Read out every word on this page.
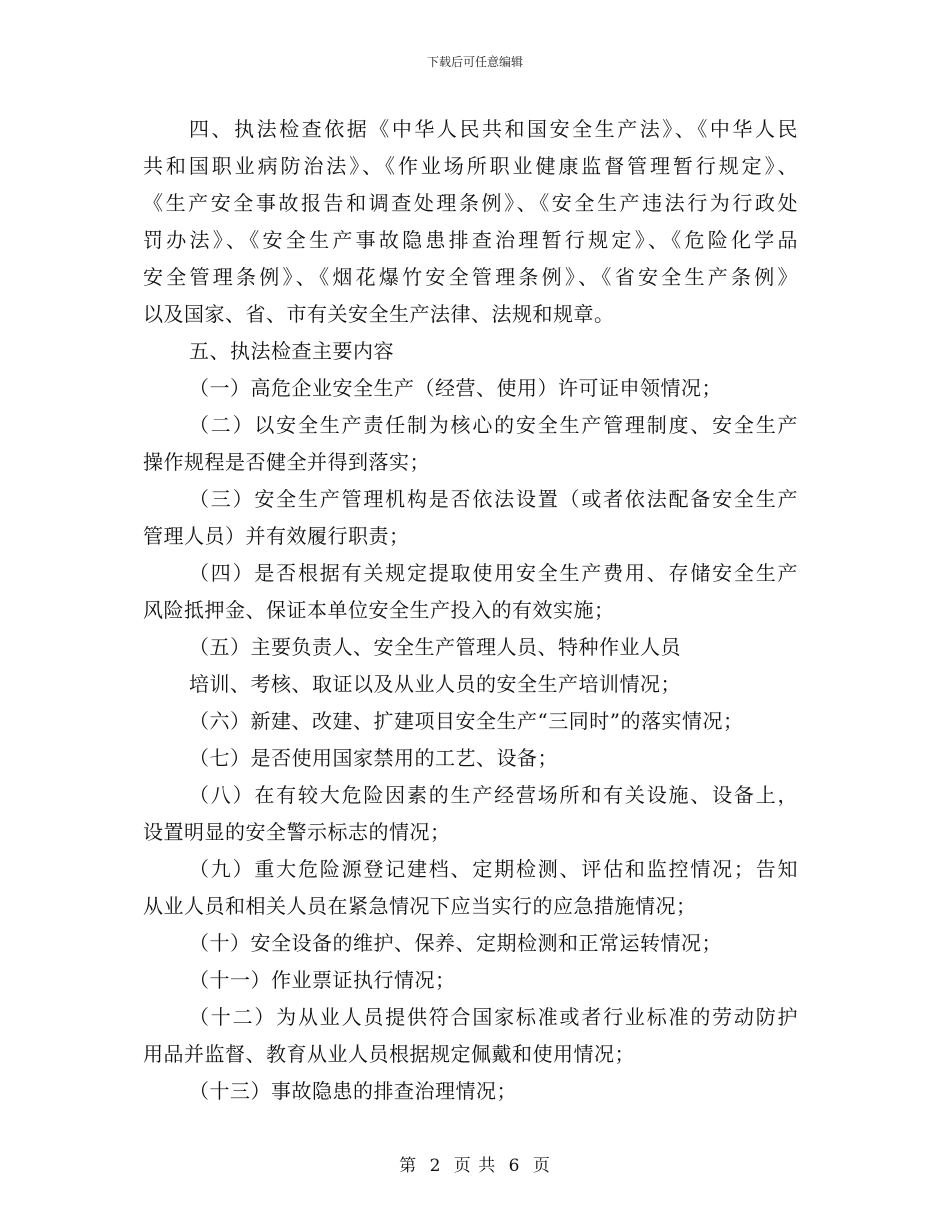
下载后可任意编辑
四、执法检查依据《中华人民共和国安全生产法》、《中华人民
共和国职业病防治法》、《作业场所职业健康监督管理暂行规定》、
《生产安全事故报告和调查处理条例》、《安全生产违法行为行政处
罚办法》、《安全生产事故隐患排查治理暂行规定》、《危险化学品
安全管理条例》、《烟花爆竹安全管理条例》、《省安全生产条例》
以及国家、省、市有关安全生产法律、法规和规章。
五、执法检查主要内容
（一）高危企业安全生产（经营、使用）许可证申领情况；
（二）以安全生产责任制为核心的安全生产管理制度、安全生产
操作规程是否健全并得到落实；
（三）安全生产管理机构是否依法设置（或者依法配备安全生产
管理人员）并有效履行职责；
（四）是否根据有关规定提取使用安全生产费用、存储安全生产
风险抵押金、保证本单位安全生产投入的有效实施；
（五）主要负责人、安全生产管理人员、特种作业人员
培训、考核、取证以及从业人员的安全生产培训情况；
（六）新建、改建、扩建项目安全生产“三同时”的落实情况；
（七）是否使用国家禁用的工艺、设备；
（八）在有较大危险因素的生产经营场所和有关设施、设备上，
设置明显的安全警示标志的情况；
（九）重大危险源登记建档、定期检测、评估和监控情况；告知
从业人员和相关人员在紧急情况下应当实行的应急措施情况；
（十）安全设备的维护、保养、定期检测和正常运转情况；
（十一）作业票证执行情况；
（十二）为从业人员提供符合国家标准或者行业标准的劳动防护
用品并监督、教育从业人员根据规定佩戴和使用情况；
（十三）事故隐患的排查治理情况；
第 2 页 共 6 页
